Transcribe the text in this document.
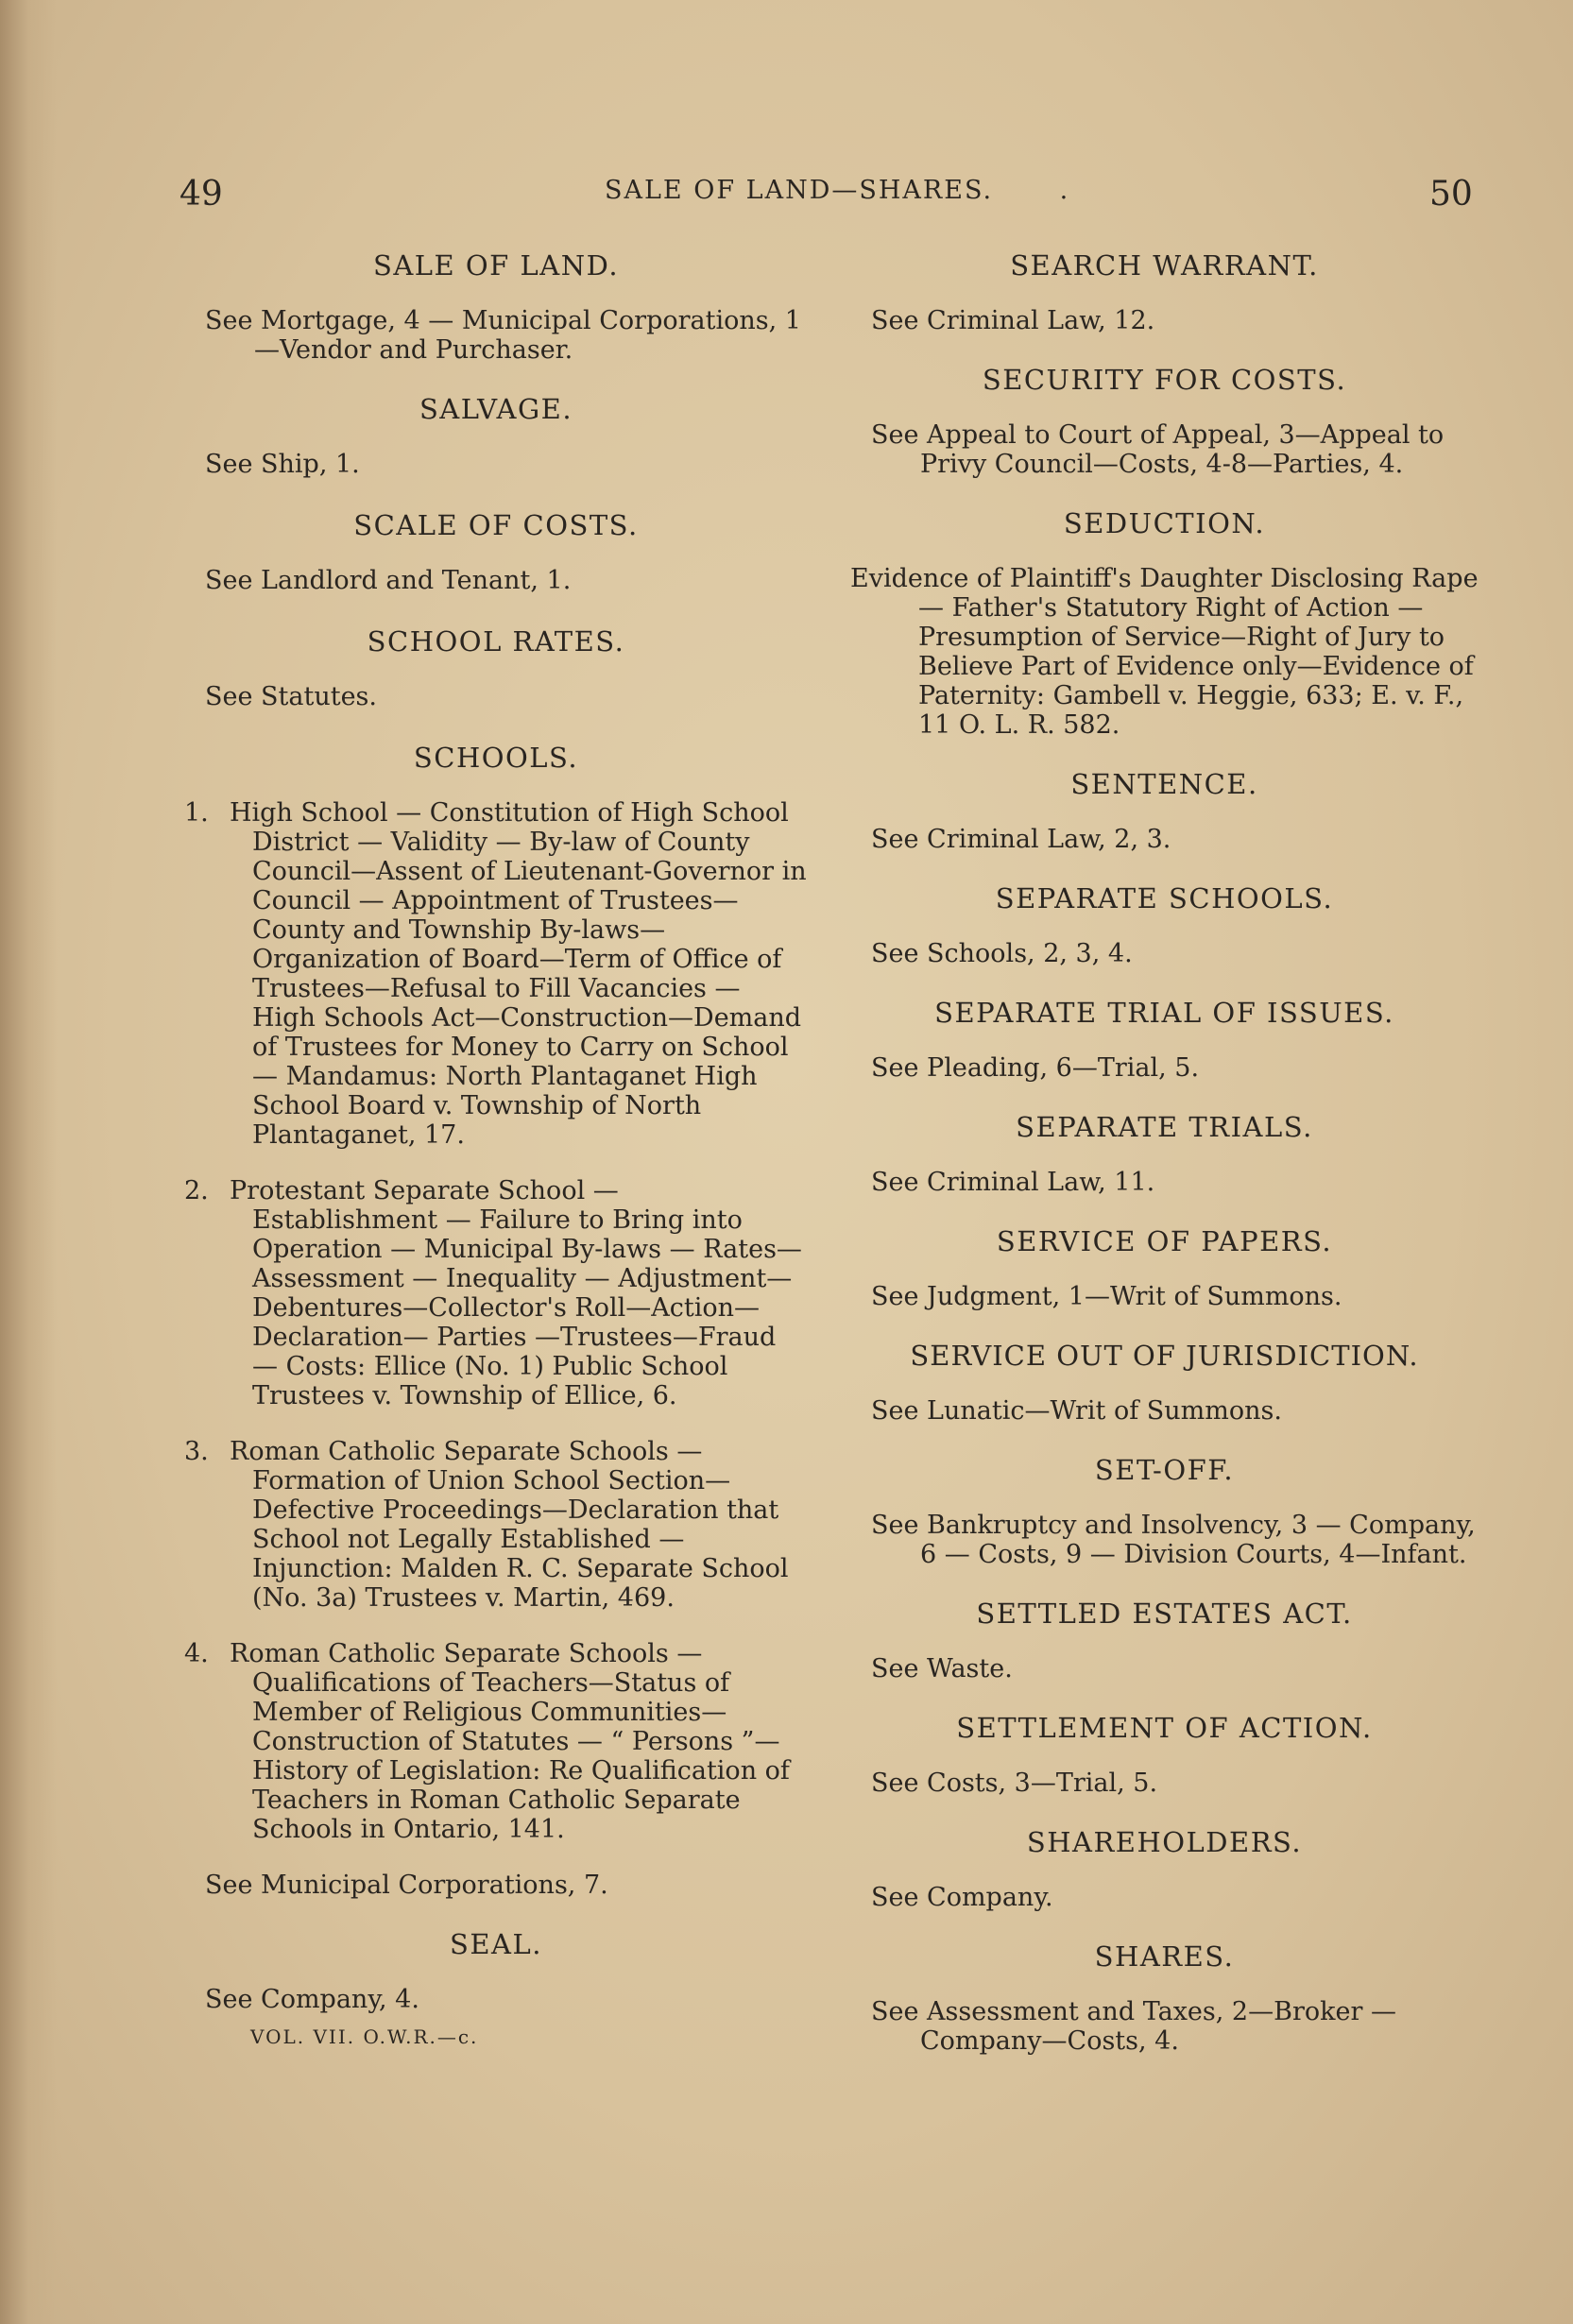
49	SALE OF LAND—SHARES.	.	50
SALE OF LAND.
See Mortgage, 4 — Municipal Corporations, 1—Vendor and Purchaser.
SALVAGE.
See Ship, 1.
SCALE OF COSTS.
See Landlord and Tenant, 1.
SCHOOL RATES.
See Statutes.
SCHOOLS.
1. High School — Constitution of High School District — Validity — By-law of County Council—Assent of Lieutenant-Governor in Council — Appointment of Trustees—County and Township By-laws—Organization of Board—Term of Office of Trustees—Refusal to Fill Vacancies — High Schools Act—Construction—Demand of Trustees for Money to Carry on School — Mandamus: North Plantaganet High School Board v. Township of North Plantaganet, 17.
2. Protestant Separate School — Establishment — Failure to Bring into Operation — Municipal By-laws — Rates—Assessment — Inequality — Adjustment—Debentures—Collector's Roll—Action—Declaration— Parties —Trustees—Fraud — Costs: Ellice (No. 1) Public School Trustees v. Township of Ellice, 6.
3. Roman Catholic Separate Schools — Formation of Union School Section—Defective Proceedings—Declaration that School not Legally Established —Injunction: Malden R. C. Separate School (No. 3a) Trustees v. Martin, 469.
4. Roman Catholic Separate Schools — Qualifications of Teachers—Status of Member of Religious Communities—Construction of Statutes — “ Persons ”—History of Legislation: Re Qualification of Teachers in Roman Catholic Separate Schools in Ontario, 141.
See Municipal Corporations, 7.
SEAL.
See Company, 4.
VOL. VII. O.W.R.—c.
SEARCH WARRANT.
See Criminal Law, 12.
SECURITY FOR COSTS.
See Appeal to Court of Appeal, 3—Appeal to Privy Council—Costs, 4-8—Parties, 4.
SEDUCTION.
Evidence of Plaintiff's Daughter Disclosing Rape — Father's Statutory Right of Action — Presumption of Service—Right of Jury to Believe Part of Evidence only—Evidence of Paternity: Gambell v. Heggie, 633; E. v. F., 11 O. L. R. 582.
SENTENCE.
See Criminal Law, 2, 3.
SEPARATE SCHOOLS.
See Schools, 2, 3, 4.
SEPARATE TRIAL OF ISSUES.
See Pleading, 6—Trial, 5.
SEPARATE TRIALS.
See Criminal Law, 11.
SERVICE OF PAPERS.
See Judgment, 1—Writ of Summons.
SERVICE OUT OF JURISDICTION.
See Lunatic—Writ of Summons.
SET-OFF.
See Bankruptcy and Insolvency, 3 — Company, 6 — Costs, 9 — Division Courts, 4—Infant.
SETTLED ESTATES ACT.
See Waste.
SETTLEMENT OF ACTION.
See Costs, 3—Trial, 5.
SHAREHOLDERS.
See Company.
SHARES.
See Assessment and Taxes, 2—Broker —Company—Costs, 4.
